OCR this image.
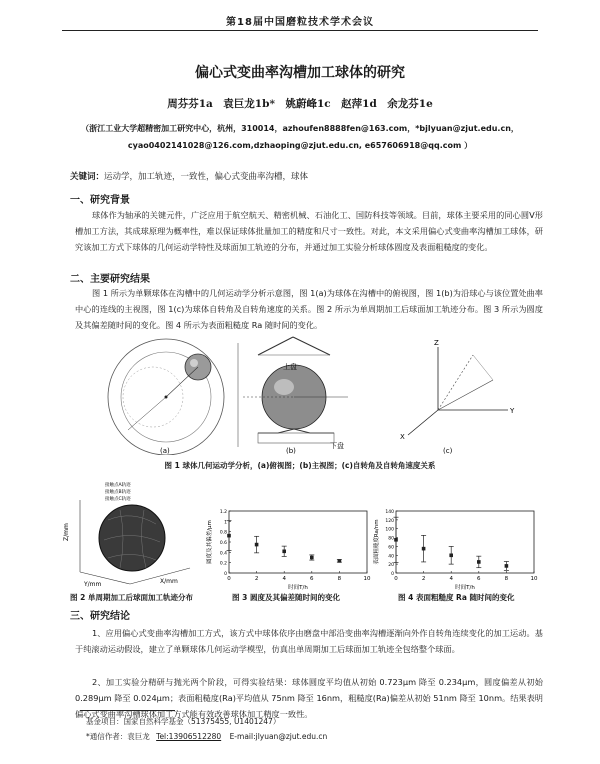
第18届中国磨粒技术学术会议
偏心式变曲率沟槽加工球体的研究
周芬芬1a　袁巨龙1b*　姚蔚峰1c　赵萍1d　余龙芬1e
（浙江工业大学超精密加工研究中心，杭州，310014，azhoufen8888fen@163.com，*bjlyuan@zjut.edu.cn，
cyao0402141028@126.com,dzhaoping@zjut.edu.cn, e657606918@qq.com ）
关键词：运动学，加工轨迹，一致性，偏心式变曲率沟槽，球体
一、研究背景
球体作为轴承的关键元件，广泛应用于航空航天、精密机械、石油化工、国防科技等领域。目前，球体主要采用的同心圆V形槽加工方法，其成球原理为概率性，难以保证球体批量加工的精度和尺寸一致性。对此，本文采用偏心式变曲率沟槽加工球体，研究该加工方式下球体的几何运动学特性及球面加工轨迹的分布，并通过加工实验分析球体圆度及表面粗糙度的变化。
二、主要研究结果
图 1 所示为单颗球体在沟槽中的几何运动学分析示意图，图 1(a)为球体在沟槽中的俯视图，图 1(b)为沿球心与该位置处曲率中心的连线的主视图，图 1(c)为球体自转角及自转角速度的关系。图 2 所示为单周期加工后球面加工轨迹分布。图 3 所示为圆度及其偏差随时间的变化。图 4 所示为表面粗糙度 Ra 随时间的变化。
上盘
下盘
Z
Y
X
(a)	(b)	(c)
图 1 球体几何运动学分析，(a)俯视图；(b)主视图；(c)自转角及自转角速度关系
接触点A轨迹
接触点B轨迹
接触点C轨迹
Z/mm
Y/mm	X/mm
图 2 单周期加工后球面加工轨迹分布
0	2	4	6	8	10
0
0.2
0.4
0.6
0.8
1
1.2
时间T/h
圆度及其偏差/μm
图 3 圆度及其偏差随时间的变化
0	2	4	6	8	10
0
20
40
60
80
100
120
140
时间T/h
表面粗糙度Ra/nm
图 4 表面粗糙度 Ra 随时间的变化
三、研究结论
1、应用偏心式变曲率沟槽加工方式，该方式中球体依序由磨盘中部沿变曲率沟槽逐渐向外作自转角连续变化的加工运动。基于纯滚动运动假设，建立了单颗球体几何运动学模型，仿真出单周期加工后球面加工轨迹全包络整个球面。
2、加工实验分精研与抛光两个阶段，可得实验结果：球体圆度平均值从初始 0.723μm 降至 0.234μm，圆度偏差从初始 0.289μm 降至 0.024μm；表面粗糙度(Ra)平均值从 75nm 降至 16nm，粗糙度(Ra)偏差从初始 51nm 降至 10nm。结果表明偏心式变曲率沟槽球体加工方式能有效改善球体加工精度一致性。
基金项目：国家自然科学基金（51375455, U1401247）
*通信作者：袁巨龙 Tel:13906512280 E-mail:jlyuan@zjut.edu.cn
